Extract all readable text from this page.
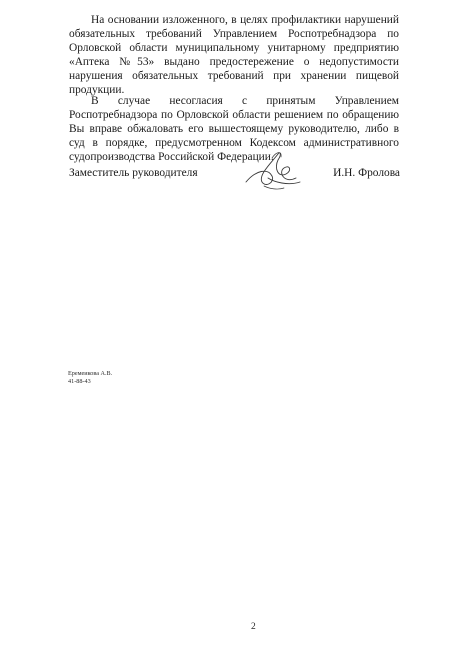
На основании изложенного, в целях профилактики нарушений обязательных требований Управлением Роспотребнадзора по Орловской области муниципальному унитарному предприятию «Аптека №53» выдано предостережение о недопустимости нарушения обязательных требований при хранении пищевой продукции.
В случае несогласия с принятым Управлением Роспотребнадзора по Орловской области решением по обращению Вы вправе обжаловать его вышестоящему руководителю, либо в суд в порядке, предусмотренном Кодексом административного судопроизводства Российской Федерации.
Заместитель руководителя	И.Н. Фролова
Еремеикова А.В.
41-88-43
2
